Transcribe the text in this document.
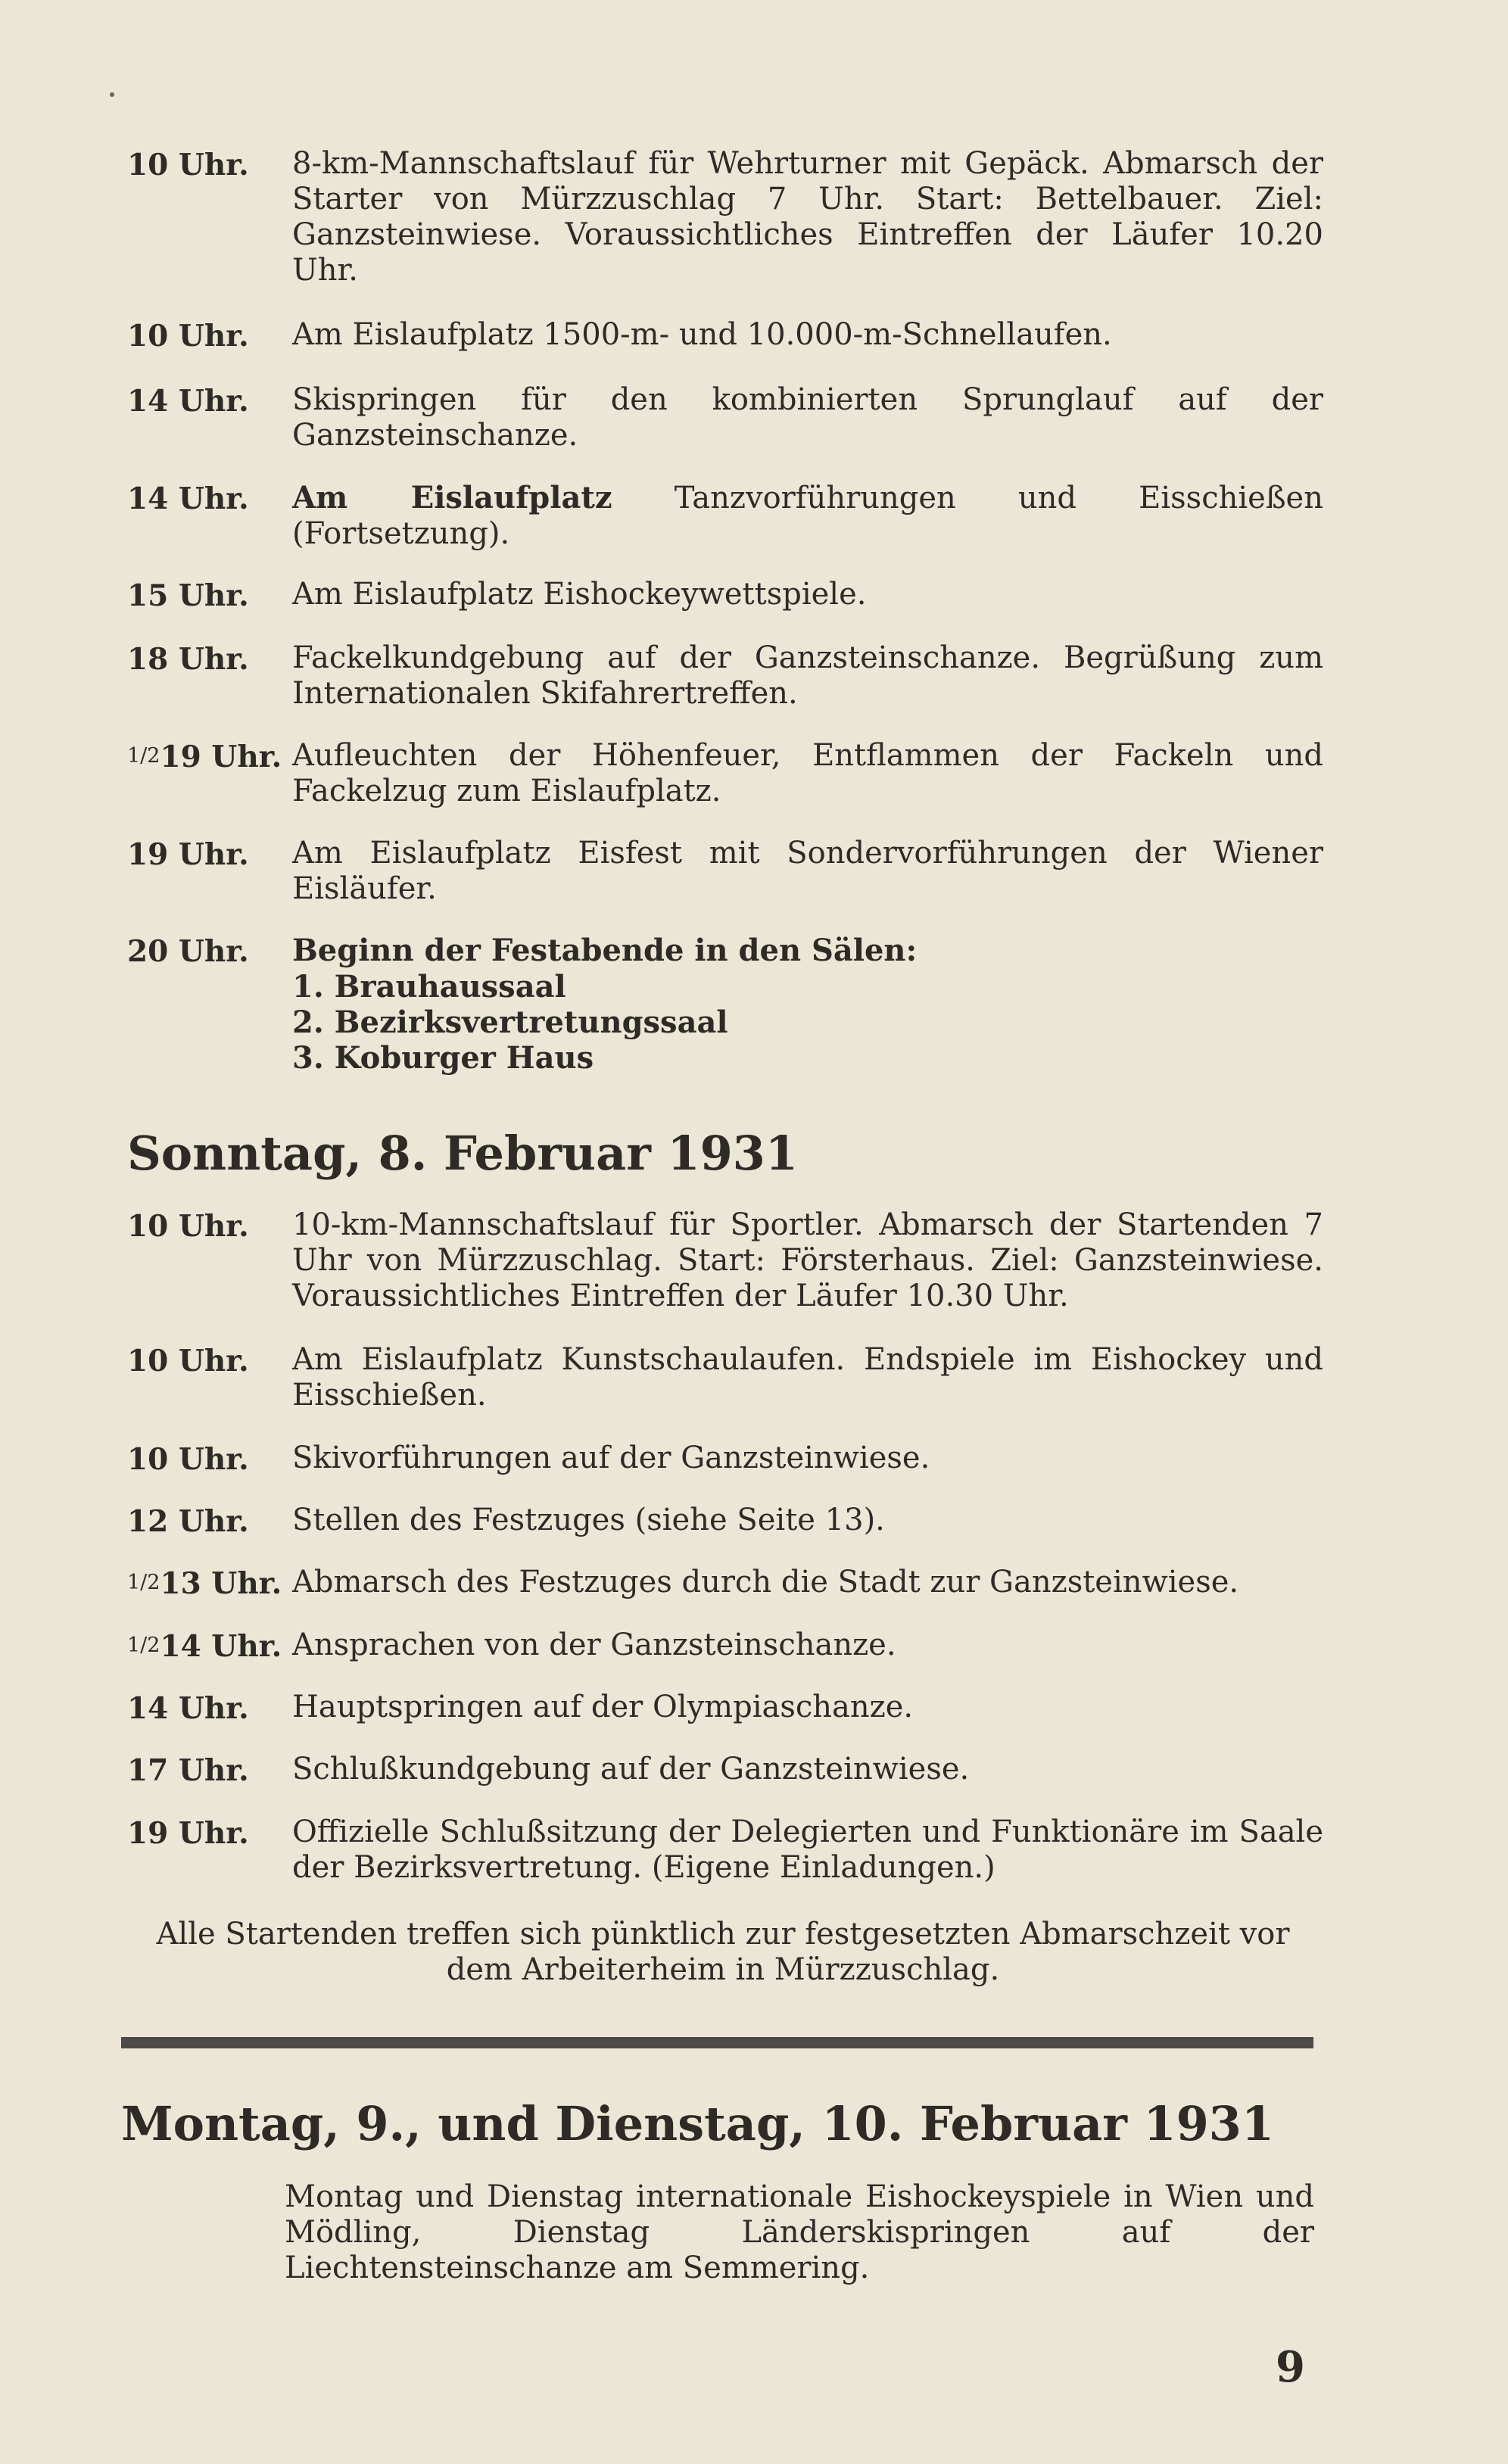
10 Uhr.	8-km-Mannschaftslauf für Wehrturner mit Gepäck. Abmarsch der Starter von Mürzzuschlag 7 Uhr. Start: Bettelbauer. Ziel: Ganzsteinwiese. Voraussichtliches Eintreffen der Läufer 10.20 Uhr.
10 Uhr.	Am Eislaufplatz 1500-m- und 10.000-m-Schnellaufen.
14 Uhr.	Skispringen für den kombinierten Sprunglauf auf der Ganzsteinschanze.
14 Uhr.	Am Eislaufplatz Tanzvorführungen und Eisschießen (Fortsetzung).
15 Uhr.	Am Eislaufplatz Eishockeywettspiele.
18 Uhr.	Fackelkundgebung auf der Ganzsteinschanze. Begrüßung zum Internationalen Skifahrertreffen.
1/219 Uhr. Aufleuchten der Höhenfeuer, Entflammen der Fackeln und Fackelzug zum Eislaufplatz.
19 Uhr.	Am Eislaufplatz Eisfest mit Sondervorführungen der Wiener Eisläufer.
20 Uhr.	Beginn der Festabende in den Sälen:
1. Brauhaussaal
2. Bezirksvertretungssaal
3. Koburger Haus
Sonntag, 8. Februar 1931
10 Uhr.	10-km-Mannschaftslauf für Sportler. Abmarsch der Startenden 7 Uhr von Mürzzuschlag. Start: Försterhaus. Ziel: Ganzsteinwiese. Voraussichtliches Eintreffen der Läufer 10.30 Uhr.
10 Uhr.	Am Eislaufplatz Kunstschaulaufen. Endspiele im Eishockey und Eisschießen.
10 Uhr.	Skivorführungen auf der Ganzsteinwiese.
12 Uhr.	Stellen des Festzuges (siehe Seite 13).
1/213 Uhr. Abmarsch des Festzuges durch die Stadt zur Ganzsteinwiese.
1/214 Uhr. Ansprachen von der Ganzsteinschanze.
14 Uhr.	Hauptspringen auf der Olympiaschanze.
17 Uhr.	Schlußkundgebung auf der Ganzsteinwiese.
19 Uhr.	Offizielle Schlußsitzung der Delegierten und Funktionäre im Saale der Bezirksvertretung. (Eigene Einladungen.)
Alle Startenden treffen sich pünktlich zur festgesetzten Abmarschzeit vor dem Arbeiterheim in Mürzzuschlag.
Montag, 9., und Dienstag, 10. Februar 1931
Montag und Dienstag internationale Eishockeyspiele in Wien und Mödling, Dienstag Länderskispringen auf der Liechtensteinschanze am Semmering.
9
